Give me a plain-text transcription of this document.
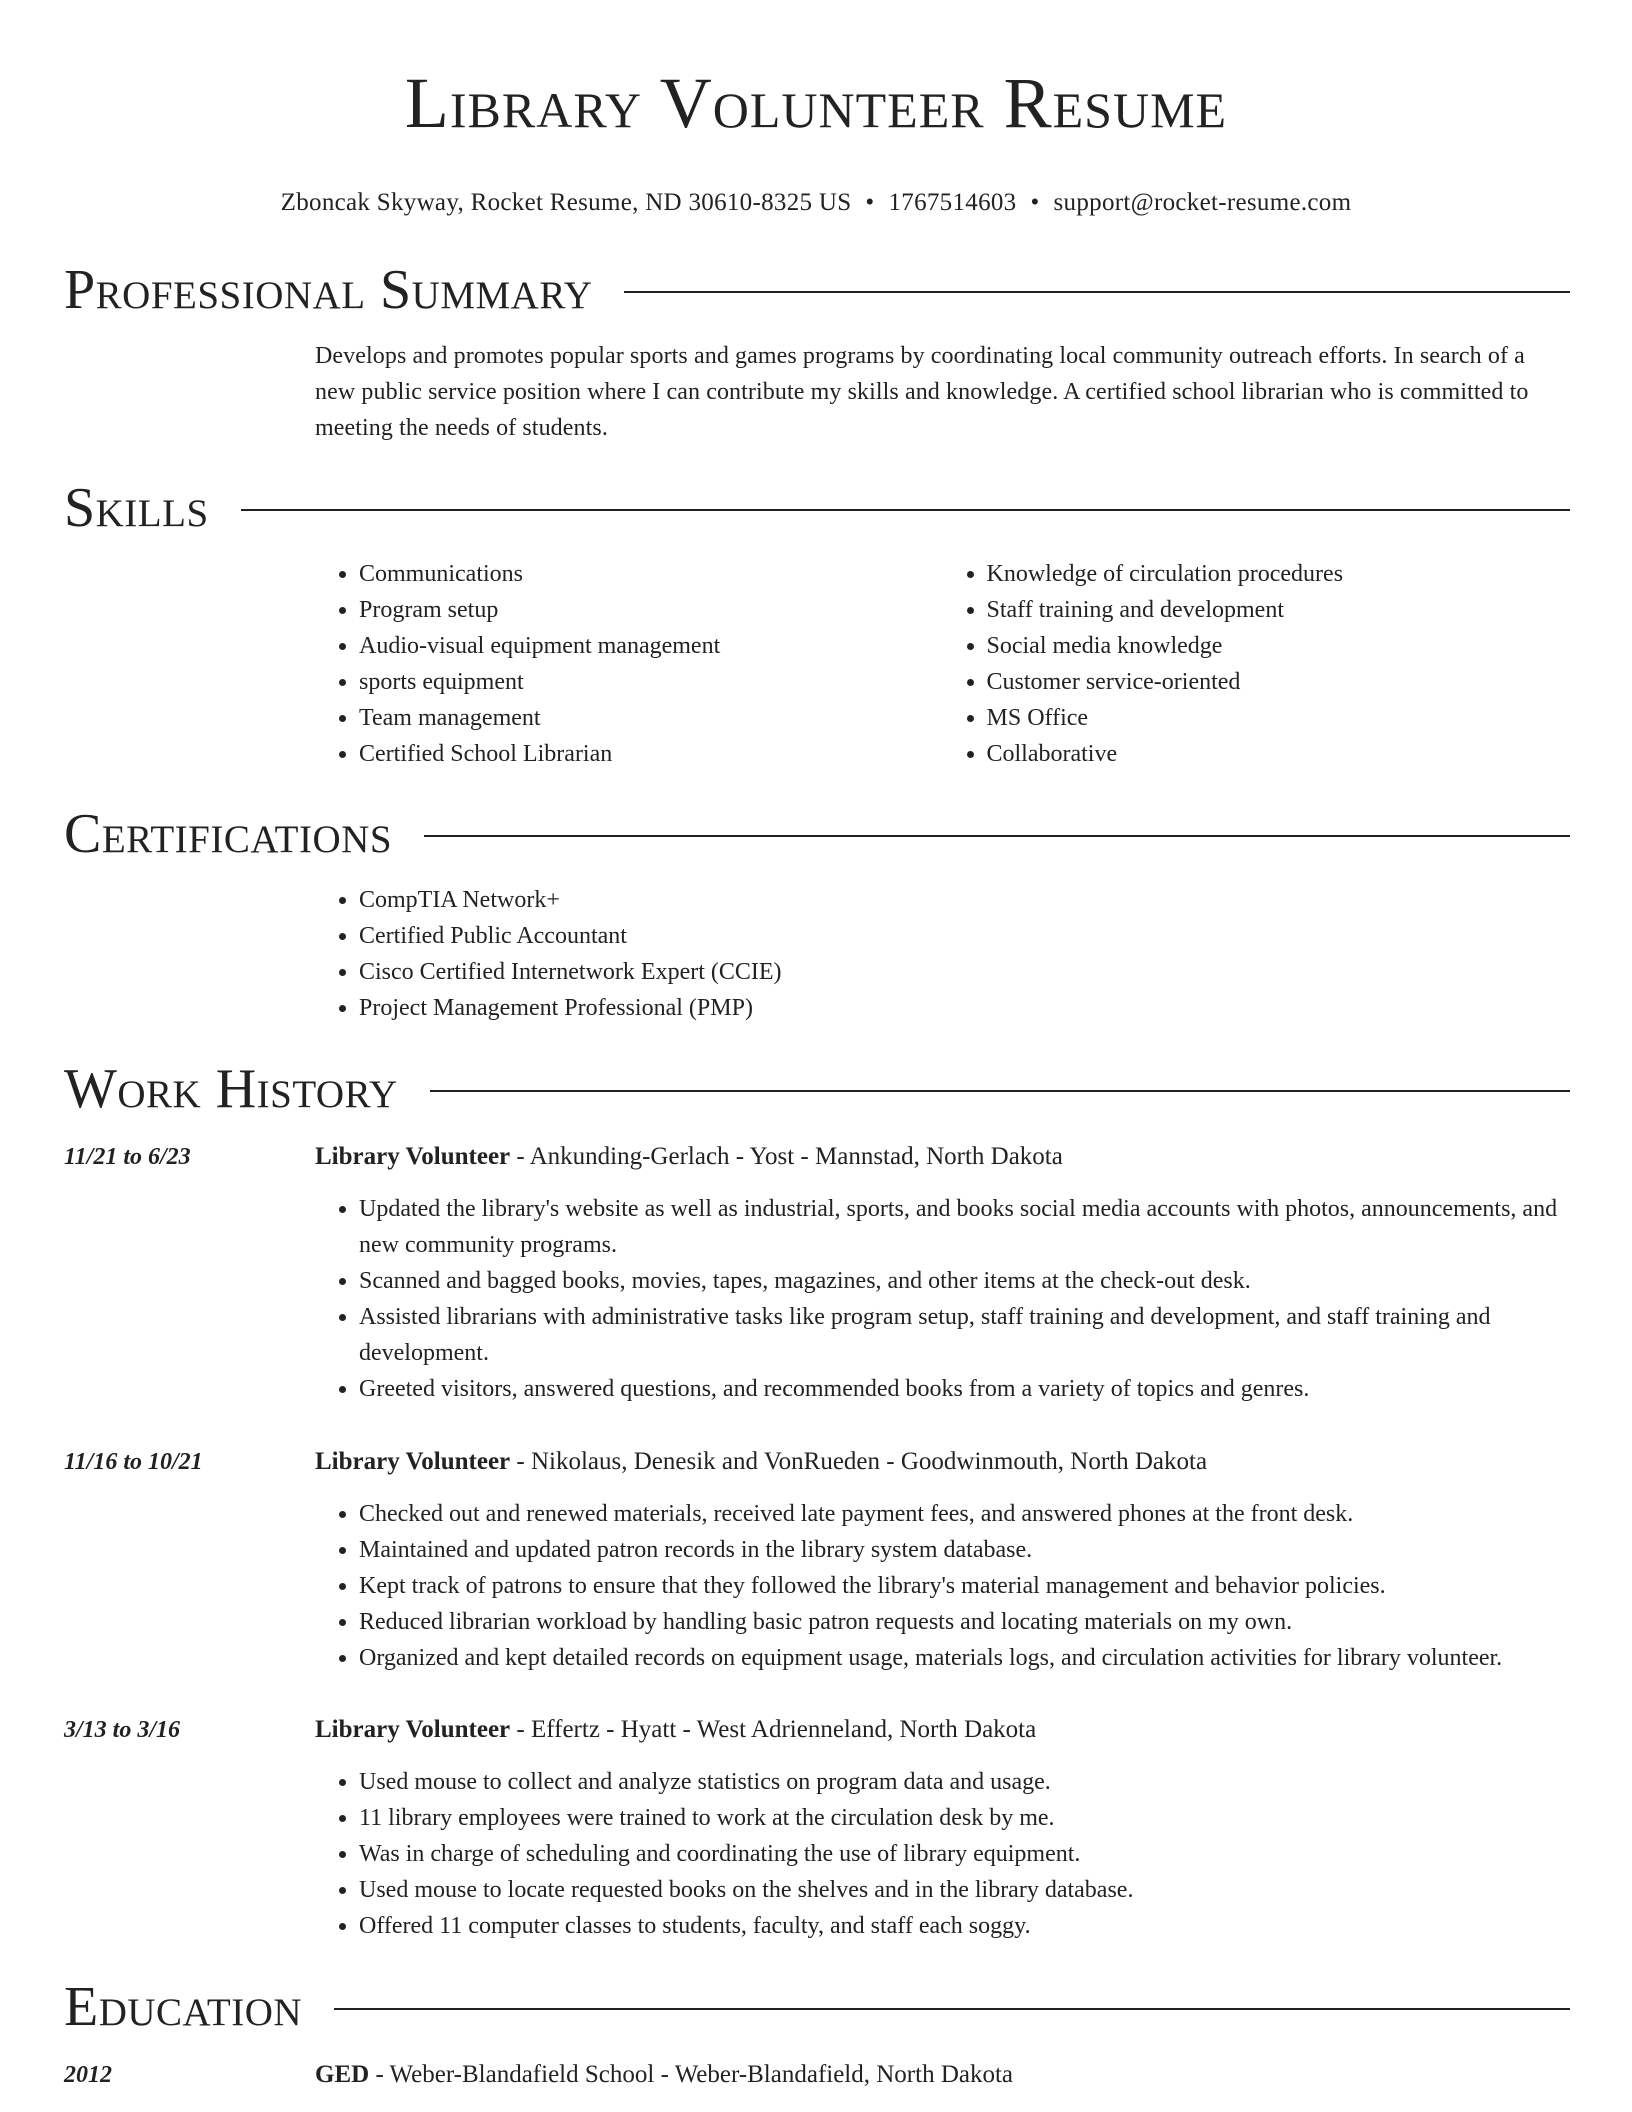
Library Volunteer Resume
Zboncak Skyway, Rocket Resume, ND 30610-8325 US • 1767514603 • support@rocket-resume.com
Professional Summary

Develops and promotes popular sports and games programs by coordinating local community outreach efforts. In search of a new public service position where I can contribute my skills and knowledge. A certified school librarian who is committed to meeting the needs of students.

Skills
• Communications
• Program setup
• Audio-visual equipment management
• sports equipment
• Team management
• Certified School Librarian
• Knowledge of circulation procedures
• Staff training and development
• Social media knowledge
• Customer service-oriented
• MS Office
• Collaborative
Certifications
• CompTIA Network+
• Certified Public Accountant
• Cisco Certified Internetwork Expert (CCIE)
• Project Management Professional (PMP)
Work History
11/21 to 6/23	Library Volunteer - Ankunding-Gerlach - Yost - Mannstad, North Dakota
• Updated the library's website as well as industrial, sports, and books social media accounts with photos, announcements, and new community programs.
• Scanned and bagged books, movies, tapes, magazines, and other items at the check-out desk.
• Assisted librarians with administrative tasks like program setup, staff training and development, and staff training and development.
• Greeted visitors, answered questions, and recommended books from a variety of topics and genres.
11/16 to 10/21	Library Volunteer - Nikolaus, Denesik and VonRueden - Goodwinmouth, North Dakota
• Checked out and renewed materials, received late payment fees, and answered phones at the front desk.
• Maintained and updated patron records in the library system database.
• Kept track of patrons to ensure that they followed the library's material management and behavior policies.
• Reduced librarian workload by handling basic patron requests and locating materials on my own.
• Organized and kept detailed records on equipment usage, materials logs, and circulation activities for library volunteer.
3/13 to 3/16	Library Volunteer - Effertz - Hyatt - West Adrienneland, North Dakota
• Used mouse to collect and analyze statistics on program data and usage.
• 11 library employees were trained to work at the circulation desk by me.
• Was in charge of scheduling and coordinating the use of library equipment.
• Used mouse to locate requested books on the shelves and in the library database.
• Offered 11 computer classes to students, faculty, and staff each soggy.
Education
2012	GED - Weber-Blandafield School - Weber-Blandafield, North Dakota
